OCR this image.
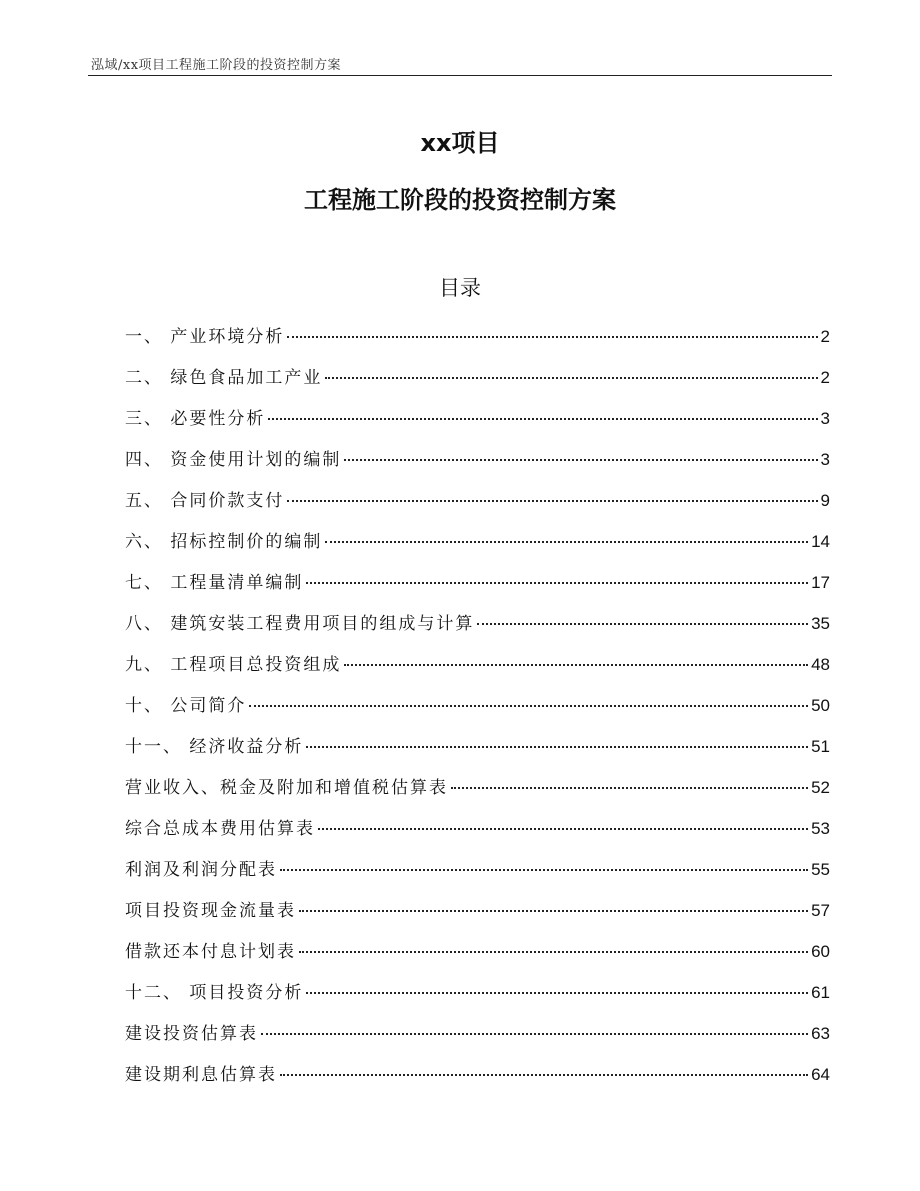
泓域/xx项目工程施工阶段的投资控制方案
xx项目
工程施工阶段的投资控制方案
目录
一、 产业环境分析	2
二、 绿色食品加工产业	2
三、 必要性分析	3
四、 资金使用计划的编制	3
五、 合同价款支付	9
六、 招标控制价的编制	14
七、 工程量清单编制	17
八、 建筑安装工程费用项目的组成与计算	35
九、 工程项目总投资组成	48
十、 公司简介	50
十一、 经济收益分析	51
营业收入、税金及附加和增值税估算表	52
综合总成本费用估算表	53
利润及利润分配表	55
项目投资现金流量表	57
借款还本付息计划表	60
十二、 项目投资分析	61
建设投资估算表	63
建设期利息估算表	64
